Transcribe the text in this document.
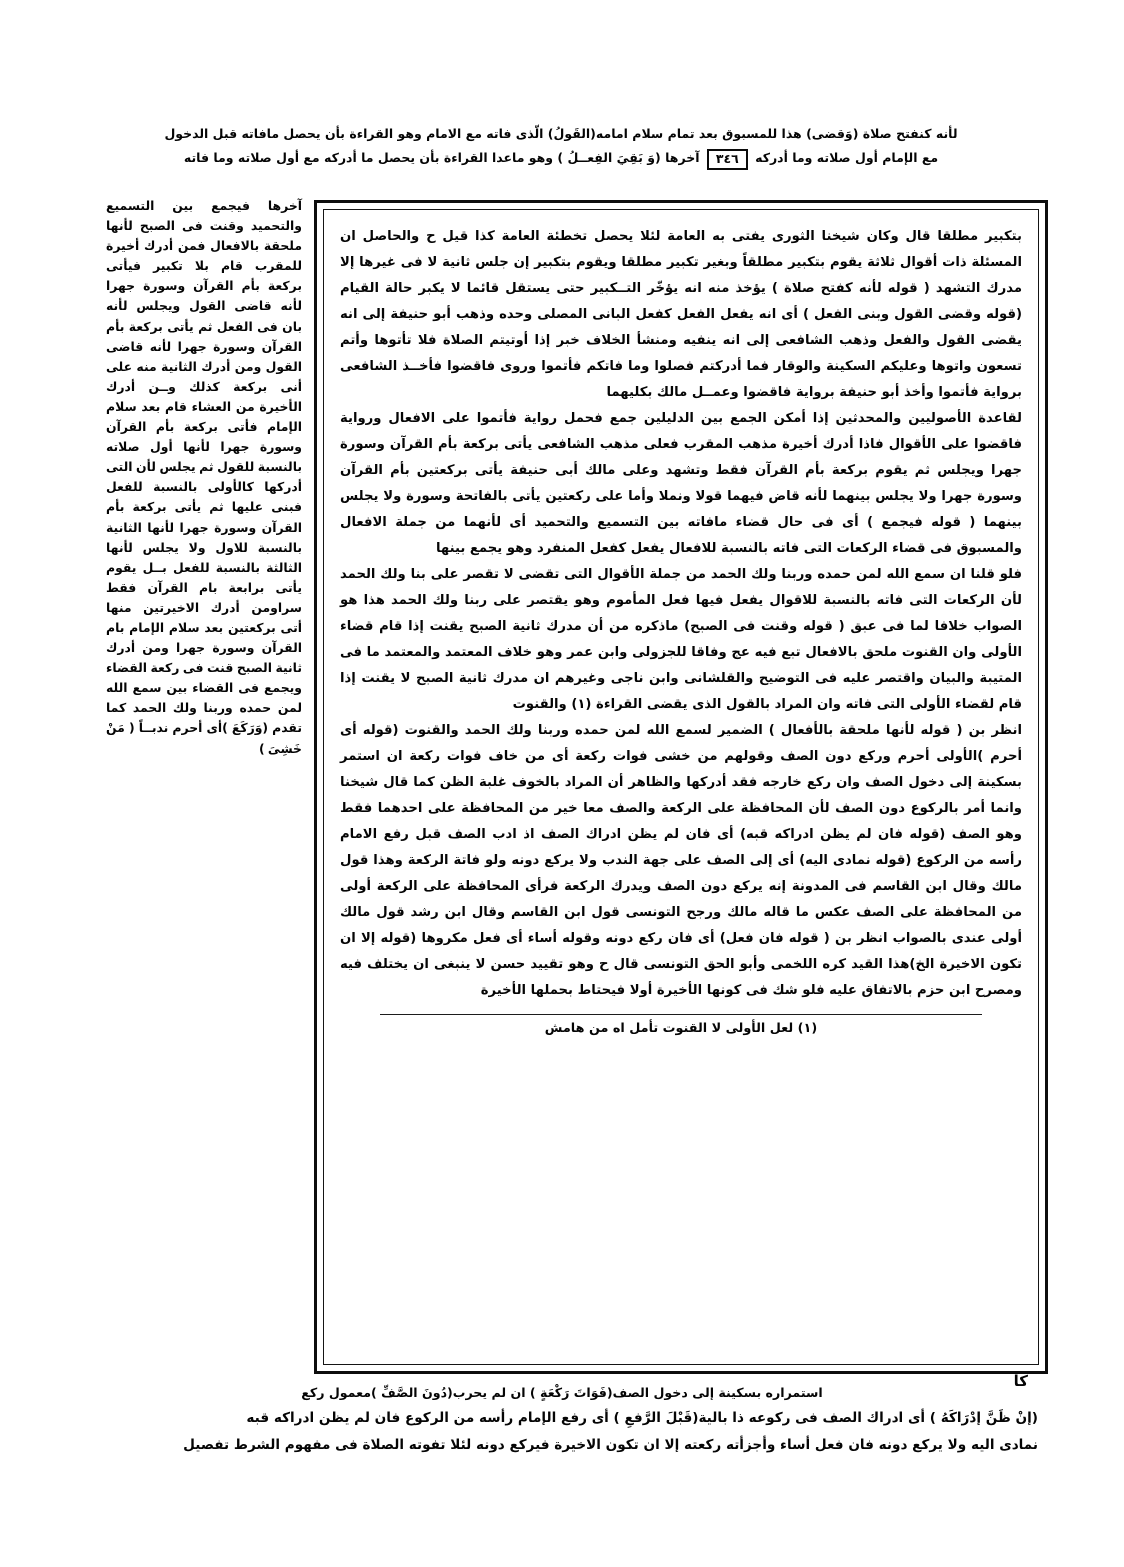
لأنه كنفتح صلاة (وَقضى) هذا للمسبوق بعد تمام سلام امامه(القَولُ) الّذى فاته مع الامام وهو القراءة بأن يحصل مافاته قبل الدخول
مع الإمام أول صلاته وما أدركه ٣٤٦ آخرها (وَ بَقِيَ الفِعــلُ ) وهو ماعدا القراءة بأن يحصل ما أدركه مع أول صلاته وما فاته

آخرها فيجمع بين التسميع والتحميد وقنت فى الصبح لأنها ملحقة بالافعال فمن أدرك أخيرة للمقرب قام بلا تكبير فيأتى بركعة بأم القرآن وسورة جهرا لأنه قاضى القول ويجلس لأنه بان فى الفعل ثم يأتى بركعة بأم القرآن وسورة جهرا لأنه قاضى القول ومن أدرك الثانية منه على أنى بركعة كذلك وــن أدرك الأخيرة من العشاء قام بعد سلام الإمام فأتى بركعة بأم القرآن وسورة جهرا لأنها أول صلاته بالنسبة للقول ثم يجلس لأن التى أدركها كالأولى بالنسبة للفعل فبنى عليها ثم يأتى بركعة بأم القرآن وسورة جهرا لأنها الثانية بالنسبة للاول ولا يجلس لأنها الثالثة بالنسبة للفعل بــل يقوم يأتى برابعة بام القرآن فقط سراومن أدرك الاخيرتين منها أتى بركعتين بعد سلام الإمام بام القرآن وسورة جهرا ومن أدرك ثانية الصبح قنت فى ركعة القضاء ويجمع فى القضاء بين سمع الله لمن حمده وربنا ولك الحمد كما تقدم (وَرَكَعَ )أى أحرم ندبــاً ( مَنْ خَشِىَ )

بتكبير مطلقا قال وكان شيخنا الثورى يفتى به العامة لئلا يحصل تخطئة العامة كذا قيل ح والحاصل ان المسئلة ذات أقوال ثلاثة يقوم بتكبير مطلقاً وبغير تكبير مطلقا ويقوم بتكبير إن جلس ثانية لا فى غيرها إلا مدرك التشهد ( قوله لأنه كفتح صلاة ) يؤخذ منه انه يؤخّر التــكبير حتى يستقل قائما لا يكبر حالة القيام (قوله وقضى القول وبنى الفعل ) أى انه يفعل الفعل كفعل البانى المصلى وحده وذهب أبو حنيفة إلى انه يقضى القول والفعل وذهب الشافعى إلى انه ينفيه ومنشأ الخلاف خبر إذا أوتيتم الصلاة فلا تأتوها وأتم تسعون واتوها وعليكم السكينة والوقار فما أدركتم فصلوا وما فاتكم فأتموا وروى فاقضوا فأخــذ الشافعى برواية فأتموا وأخذ أبو حنيفة برواية فاقضوا وعمــل مالك بكليهما

لقاعدة الأصوليين والمحدثين إذا أمكن الجمع بين الدليلين جمع فحمل رواية فأتموا على الافعال ورواية فاقضوا على الأقوال فاذا أدرك أخيرة مذهب المقرب فعلى مذهب الشافعى يأتى بركعة بأم القرآن وسورة جهرا ويجلس ثم يقوم بركعة بأم القرآن فقط وتشهد وعلى مالك أبى حنيفة يأتى بركعتين بأم القرآن وسورة جهرا ولا يجلس بينهما لأنه قاض فيهما قولا ونملا وأما على ركعتين يأتى بالفاتحة وسورة ولا يجلس بينهما ( قوله فيجمع ) أى فى حال قضاء مافاته بين التسميع والتحميد أى لأنهما من جملة الافعال والمسبوق فى قضاء الركعات التى فاته بالنسبة للافعال يفعل كفعل المنفرد وهو يجمع بينها

فلو قلنا ان سمع الله لمن حمده وربنا ولك الحمد من جملة الأقوال التى تقضى لا تقصر على بنا ولك الحمد لأن الركعات التى فاته بالنسبة للاقوال يفعل فيها فعل المأموم وهو يقتصر على ربنا ولك الحمد هذا هو الصواب خلافا لما فى عبق ( قوله وقنت فى الصبح) ماذكره من أن مدرك ثانية الصبح يقنت إذا قام قضاء الأولى وان القنوت ملحق بالافعال تبع فيه عج وفاقا للجزولى وابن عمر وهو خلاف المعتمد والمعتمد ما فى المتيبة والبيان واقتصر عليه فى التوضيح والقلشانى وابن ناجى وغيرهم ان مدرك ثانية الصبح لا يقنت إذا قام لقضاء الأولى التى فاته وان المراد بالقول الذى يقضى القراءة (١) والقنوت

انظر بن ( قوله لأنها ملحقة بالأفعال ) الضمير لسمع الله لمن حمده وربنا ولك الحمد والقنوت (قوله أى أحرم )الأولى أحرم وركع دون الصف وقولهم من خشى فوات ركعة أى من خاف فوات ركعة ان استمر بسكينة إلى دخول الصف وان ركع خارجه فقد أدركها والظاهر أن المراد بالخوف غلبة الظن كما قال شيخنا وانما أمر بالركوع دون الصف لأن المحافظة على الركعة والصف معا خير من المحافظة على احدهما فقط وهو الصف (قوله فان لم يظن ادراكه قبه) أى فان لم يظن ادراك الصف اذ ادب الصف قبل رفع الامام رأسه من الركوع (قوله نمادى اليه) أى إلى الصف على جهة الندب ولا يركع دونه ولو فاتة الركعة وهذا قول مالك وقال ابن القاسم فى المدونة إنه يركع دون الصف ويدرك الركعة فرأى المحافظة على الركعة أولى من المحافظة على الصف عكس ما قاله مالك ورجح التونسى قول ابن القاسم وقال ابن رشد قول مالك أولى عندى بالصواب انظر بن ( قوله فان فعل) أى فان ركع دونه وقوله أساء أى فعل مكروها (قوله إلا ان تكون الاخيرة الخ)هذا القيد كره اللخمى وأبو الحق التونسى قال ح وهو تقييد حسن لا ينبغى ان يختلف فيه ومصرح ابن حزم بالاتفاق عليه فلو شك فى كونها الأخيرة أولا فيحتاط بحملها الأخيرة

(١) لعل الأولى لا القنوت تأمل اه من هامش
كا

استمراره بسكينة إلى دخول الصف(فَوَاتَ رَكْعَةٍ ) ان لم يحرب(دُونَ الصَّفِّ )معمول ركع

(إنْ ظَنَّ إدْرَاكَهُ ) أى ادراك الصف فى ركوعه ذا بالية(قَبْلَ الرَّفعِ ) أى رفع الإمام رأسه من الركوع فان لم يظن ادراكه قبه

نمادى اليه ولا يركع دونه فان فعل أساء وأجزأته ركعته إلا ان تكون الاخيرة فيركع دونه لئلا تفوته الصلاة فى مفهوم الشرط تفصيل
